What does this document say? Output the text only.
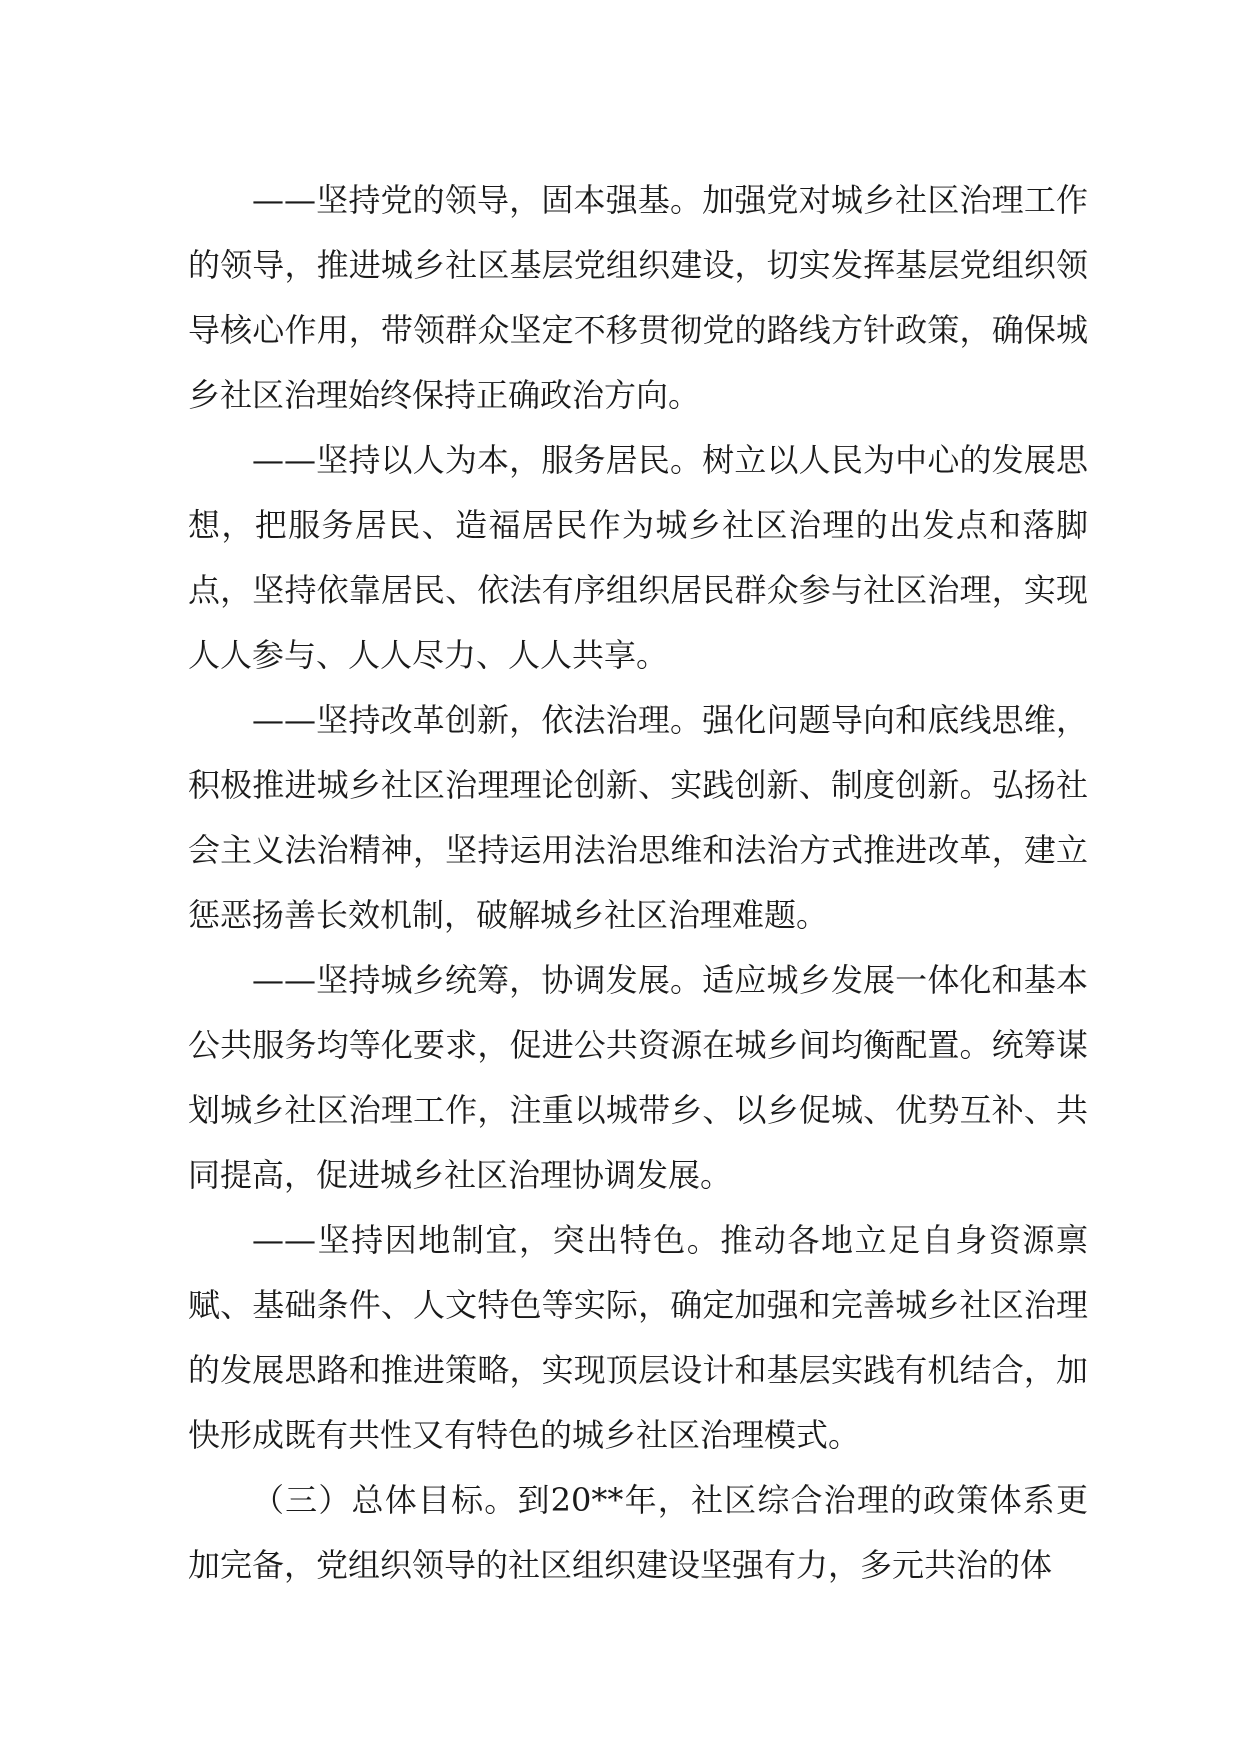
——坚持党的领导，固本强基。加强党对城乡社区治理工作的领导，推进城乡社区基层党组织建设，切实发挥基层党组织领导核心作用，带领群众坚定不移贯彻党的路线方针政策，确保城乡社区治理始终保持正确政治方向。

——坚持以人为本，服务居民。树立以人民为中心的发展思想，把服务居民、造福居民作为城乡社区治理的出发点和落脚点，坚持依靠居民、依法有序组织居民群众参与社区治理，实现人人参与、人人尽力、人人共享。

——坚持改革创新，依法治理。强化问题导向和底线思维，积极推进城乡社区治理理论创新、实践创新、制度创新。弘扬社会主义法治精神，坚持运用法治思维和法治方式推进改革，建立惩恶扬善长效机制，破解城乡社区治理难题。

——坚持城乡统筹，协调发展。适应城乡发展一体化和基本公共服务均等化要求，促进公共资源在城乡间均衡配置。统筹谋划城乡社区治理工作，注重以城带乡、以乡促城、优势互补、共同提高，促进城乡社区治理协调发展。

——坚持因地制宜，突出特色。推动各地立足自身资源禀赋、基础条件、人文特色等实际，确定加强和完善城乡社区治理的发展思路和推进策略，实现顶层设计和基层实践有机结合，加快形成既有共性又有特色的城乡社区治理模式。

（三）总体目标。到20**年，社区综合治理的政策体系更加完备，党组织领导的社区组织建设坚强有力，多元共治的体
